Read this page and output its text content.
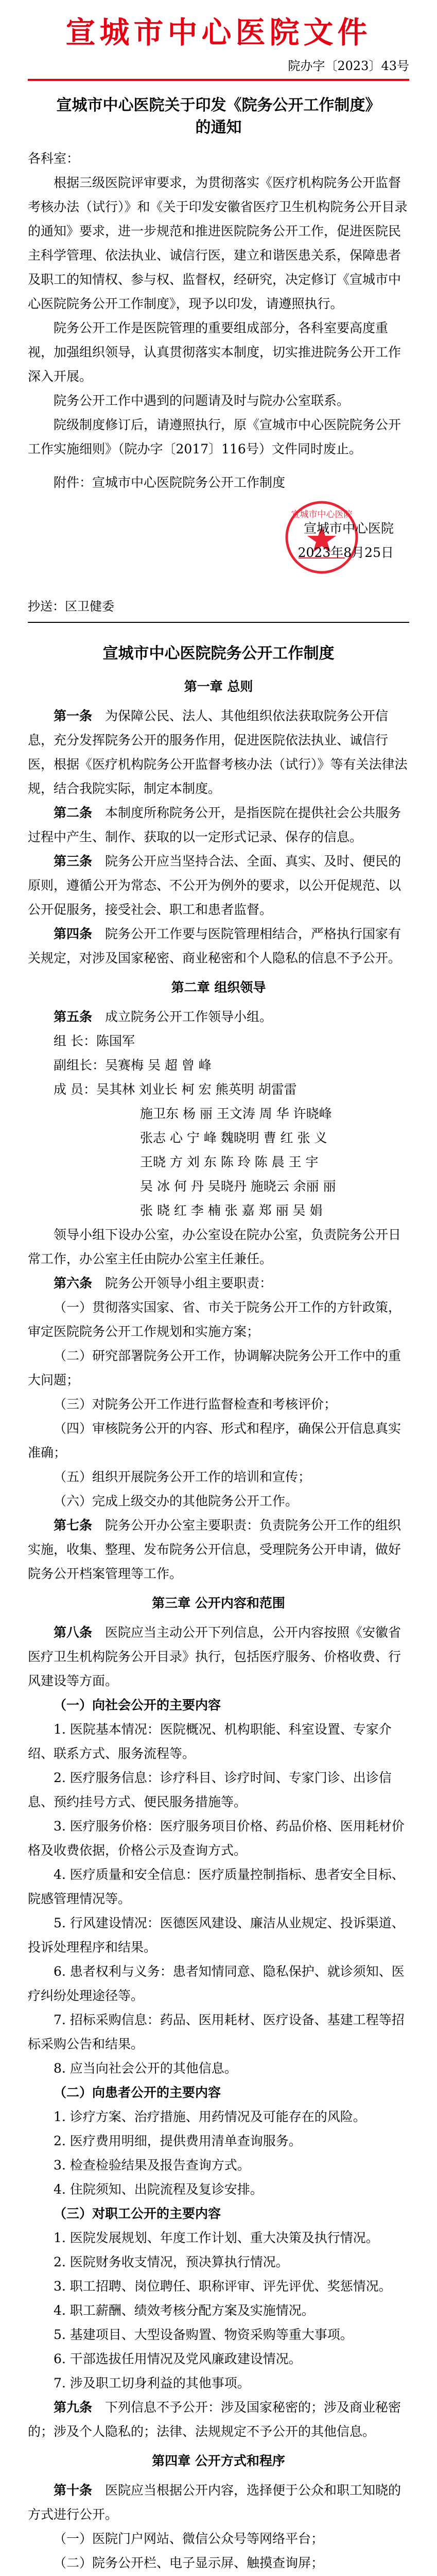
宣城市中心医院文件
院办字〔2023〕43号
宣城市中心医院关于印发《院务公开工作制度》
的通知

各科室：

根据三级医院评审要求，为贯彻落实《医疗机构院务公开监督考核办法（试行）》和《关于印发安徽省医疗卫生机构院务公开目录的通知》要求，进一步规范和推进医院院务公开工作，促进医院民主科学管理、依法执业、诚信行医，建立和谐医患关系，保障患者及职工的知情权、参与权、监督权，经研究，决定修订《宣城市中心医院院务公开工作制度》，现予以印发，请遵照执行。

院务公开工作是医院管理的重要组成部分，各科室要高度重视，加强组织领导，认真贯彻落实本制度，切实推进院务公开工作深入开展。

院务公开工作中遇到的问题请及时与院办公室联系。

院级制度修订后，请遵照执行，原《宣城市中心医院院务公开工作实施细则》（院办字〔2017〕116号）文件同时废止。

附件：宣城市中心医院院务公开工作制度

宣城市中心医院

宣城市中心医院

2023年8月25日

抄送：区卫健委

宣城市中心医院院务公开工作制度

第一章 总则

第一条　 为保障公民、法人、其他组织依法获取院务公开信息，充分发挥院务公开的服务作用，促进医院依法执业、诚信行医，根据《医疗机构院务公开监督考核办法（试行）》等有关法律法规，结合我院实际，制定本制度。

第二条　 本制度所称院务公开，是指医院在提供社会公共服务过程中产生、制作、获取的以一定形式记录、保存的信息。

第三条　 院务公开应当坚持合法、全面、真实、及时、便民的原则，遵循公开为常态、不公开为例外的要求，以公开促规范、以公开促服务，接受社会、职工和患者监督。

第四条　 院务公开工作要与医院管理相结合，严格执行国家有关规定，对涉及国家秘密、商业秘密和个人隐私的信息不予公开。

第二章 组织领导

第五条　 成立院务公开工作领导小组。

组 长：陈国军

副组长：吴赛梅 吴 超 曾 峰

成 员：吴其林 刘业长 柯 宏 熊英明 胡雷雷

施卫东 杨 丽 王文涛 周 华 许晓峰

张志 心 宁 峰 魏晓明 曹 红 张 义

王晓 方 刘 东 陈 玲 陈 晨 王 宇

吴 冰 何 丹 吴晓丹 施晓云 余丽 丽

张 晓 红 李 楠 张 嘉 郑 丽 吴 娟

领导小组下设办公室，办公室设在院办公室，负责院务公开日常工作，办公室主任由院办公室主任兼任。

第六条　 院务公开领导小组主要职责：

（一）贯彻落实国家、省、市关于院务公开工作的方针政策，审定医院院务公开工作规划和实施方案；

（二）研究部署院务公开工作，协调解决院务公开工作中的重大问题；

（三）对院务公开工作进行监督检查和考核评价；

（四）审核院务公开的内容、形式和程序，确保公开信息真实准确；

（五）组织开展院务公开工作的培训和宣传；

（六）完成上级交办的其他院务公开工作。

第七条　 院务公开办公室主要职责：负责院务公开工作的组织实施，收集、整理、发布院务公开信息，受理院务公开申请，做好院务公开档案管理等工作。

第三章 公开内容和范围

第八条　 医院应当主动公开下列信息，公开内容按照《安徽省医疗卫生机构院务公开目录》执行，包括医疗服务、价格收费、行风建设等方面。

（一）向社会公开的主要内容

1. 医院基本情况：医院概况、机构职能、科室设置、专家介绍、联系方式、服务流程等。

2. 医疗服务信息：诊疗科目、诊疗时间、专家门诊、出诊信息、预约挂号方式、便民服务措施等。

3. 医疗服务价格：医疗服务项目价格、药品价格、医用耗材价格及收费依据，价格公示及查询方式。

4. 医疗质量和安全信息：医疗质量控制指标、患者安全目标、院感管理情况等。

5. 行风建设情况：医德医风建设、廉洁从业规定、投诉渠道、投诉处理程序和结果。

6. 患者权利与义务：患者知情同意、隐私保护、就诊须知、医疗纠纷处理途径等。

7. 招标采购信息：药品、医用耗材、医疗设备、基建工程等招标采购公告和结果。

8. 应当向社会公开的其他信息。

（二）向患者公开的主要内容

1. 诊疗方案、治疗措施、用药情况及可能存在的风险。

2. 医疗费用明细，提供费用清单查询服务。

3. 检查检验结果及报告查询方式。

4. 住院须知、出院流程及复诊安排。

（三）对职工公开的主要内容

1. 医院发展规划、年度工作计划、重大决策及执行情况。

2. 医院财务收支情况，预决算执行情况。

3. 职工招聘、岗位聘任、职称评审、评先评优、奖惩情况。

4. 职工薪酬、绩效考核分配方案及实施情况。

5. 基建项目、大型设备购置、物资采购等重大事项。

6. 干部选拔任用情况及党风廉政建设情况。

7. 涉及职工切身利益的其他事项。

第九条　 下列信息不予公开：涉及国家秘密的；涉及商业秘密的；涉及个人隐私的；法律、法规规定不予公开的其他信息。

第四章 公开方式和程序

第十条　 医院应当根据公开内容，选择便于公众和职工知晓的方式进行公开。

（一）医院门户网站、微信公众号等网络平台；

（二）院务公开栏、电子显示屏、触摸查询屏；
